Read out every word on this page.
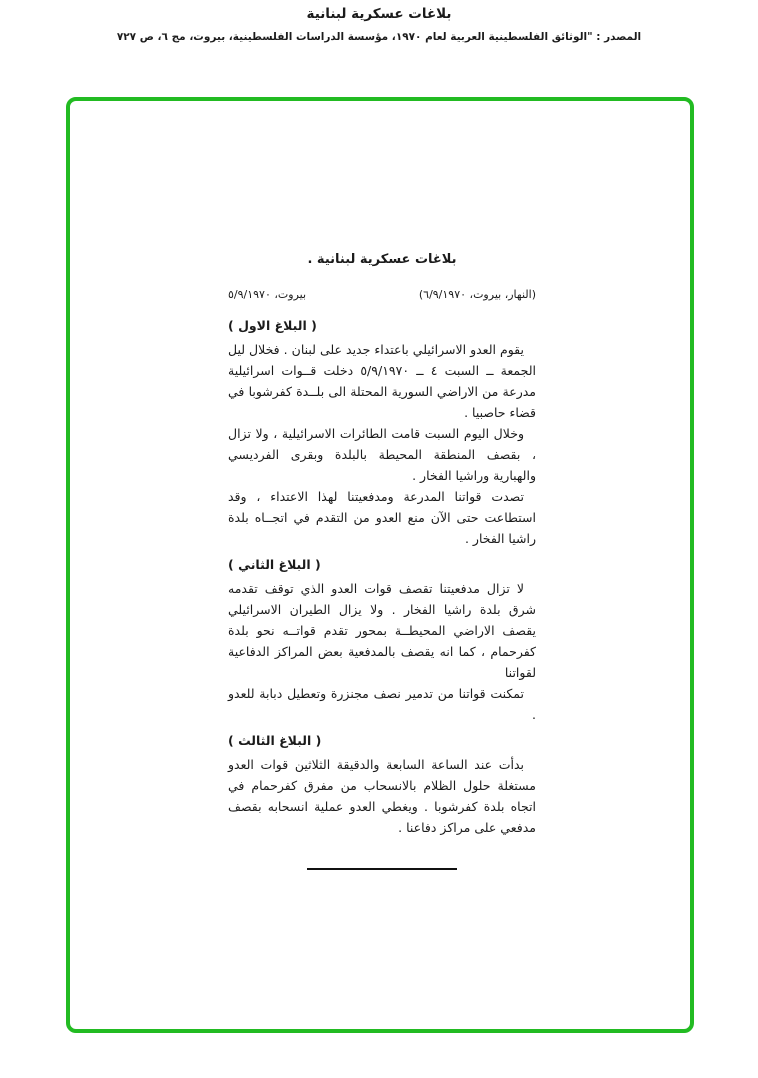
بلاغات عسكرية لبنانية
المصدر : "الوثائق الفلسطينية العربية لعام ١٩٧٠، مؤسسة الدراسات الفلسطينية، بيروت، مج ٦، ص ٧٢٧
بلاغات عسكرية لبنانية .
(النهار، بيروت، ٦/٩/١٩٧٠)
بيروت، ٥/٩/١٩٧٠
( البلاغ الاول )

يقوم العدو الاسرائيلي باعتداء جديد على لبنان . فخلال ليل الجمعة ــ السبت ٤ ــ ٥/٩/١٩٧٠ دخلت قــوات اسرائيلية مدرعة من الاراضي السورية المحتلة الى بلــدة كفرشوبا في قضاء حاصبيا .

وخلال اليوم السبت قامت الطائرات الاسرائيلية ، ولا تزال ، بقصف المنطقة المحيطة بالبلدة وبقرى الفرديسي والهبارية وراشيا الفخار .

تصدت قواتنا المدرعة ومدفعيتنا لهذا الاعتداء ، وقد استطاعت حتى الآن منع العدو من التقدم في اتجــاه بلدة راشيا الفخار .

( البلاغ الثاني )

لا تزال مدفعيتنا تقصف قوات العدو الذي توقف تقدمه شرق بلدة راشيا الفخار . ولا يزال الطيران الاسرائيلي يقصف الاراضي المحيطــة بمحور تقدم قواتــه نحو بلدة كفرحمام ، كما انه يقصف بالمدفعية بعض المراكز الدفاعية لقواتنا

تمكنت قواتنا من تدمير نصف مجنزرة وتعطيل دبابة للعدو .

( البلاغ الثالث )

بدأت عند الساعة السابعة والدقيقة الثلاثين قوات العدو مستغلة حلول الظلام بالانسحاب من مفرق كفرحمام في اتجاه بلدة كفرشوبا . ويغطي العدو عملية انسحابه بقصف مدفعي على مراكز دفاعنا .
